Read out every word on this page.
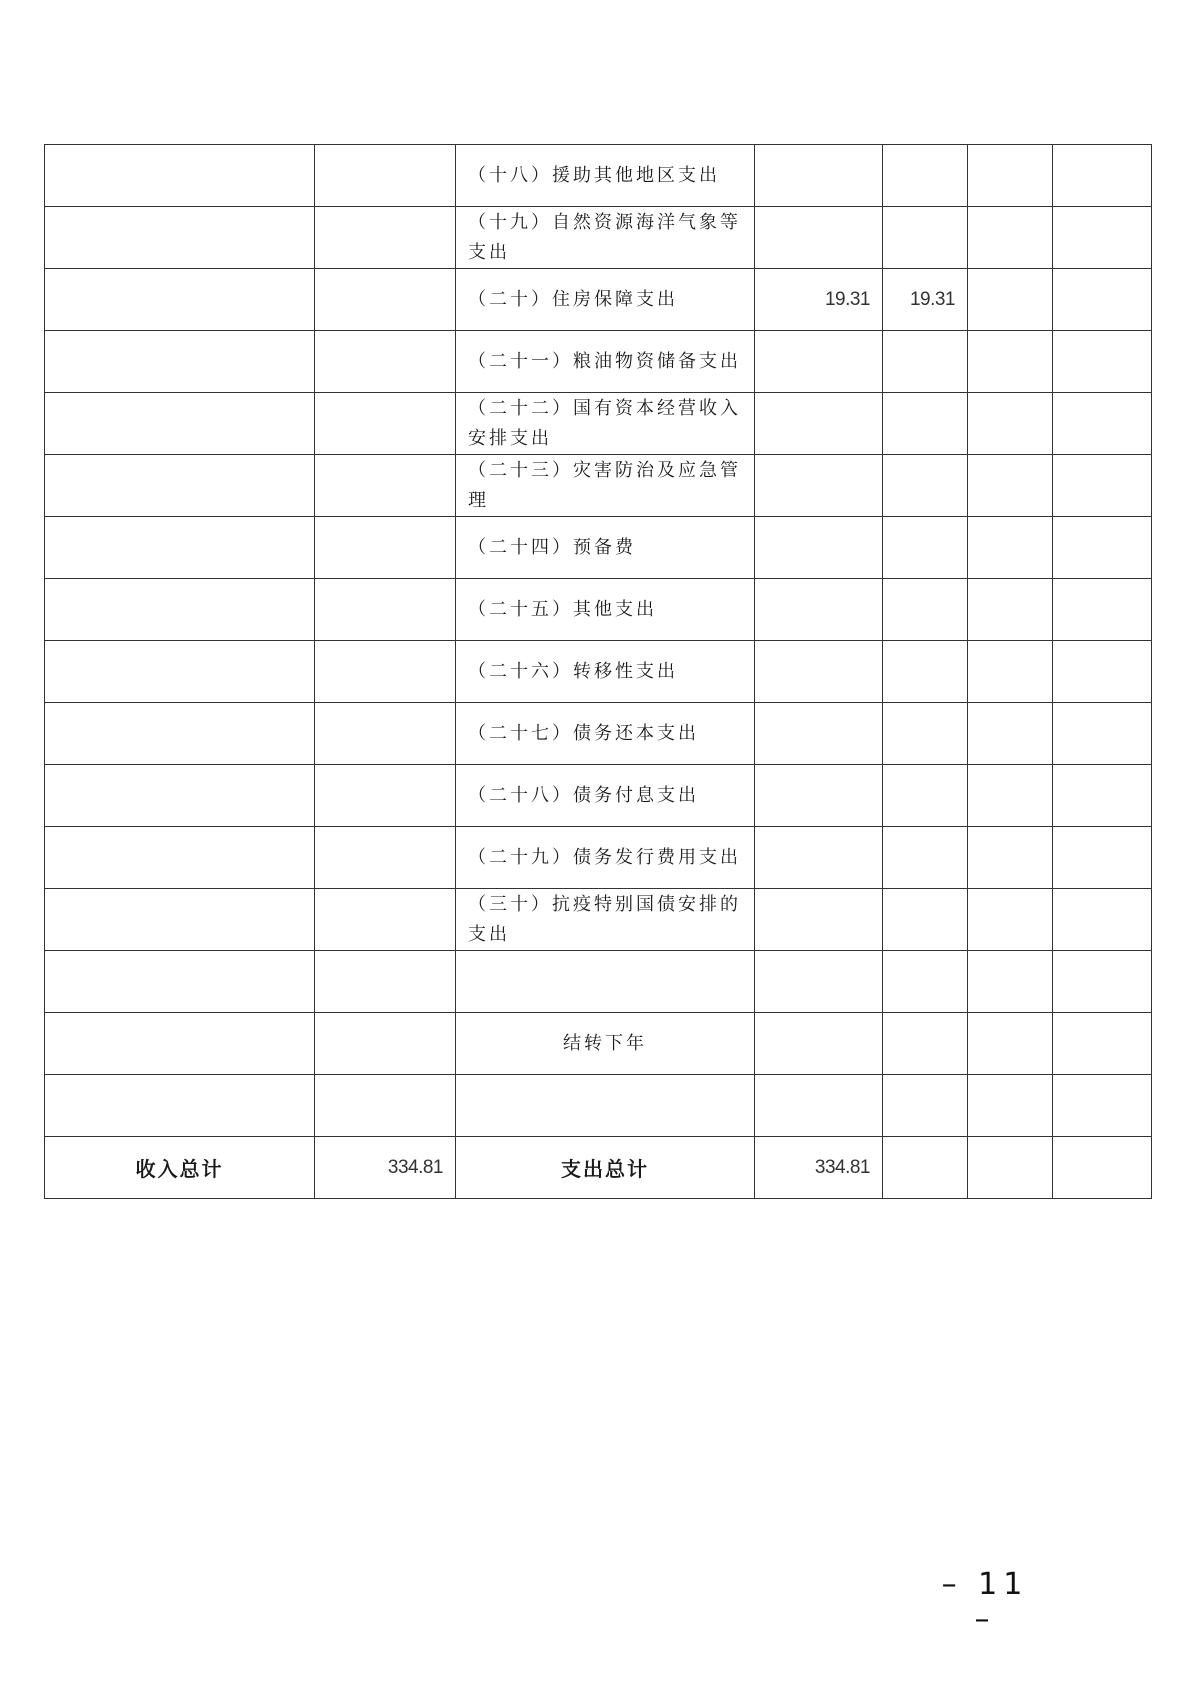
		（十八）援助其他地区支出				
		（十九）自然资源海洋气象等支出				
		（二十）住房保障支出	19.31	19.31		
		（二十一）粮油物资储备支出				
		（二十二）国有资本经营收入安排支出				
		（二十三）灾害防治及应急管理				
		（二十四）预备费				
		（二十五）其他支出				
		（二十六）转移性支出				
		（二十七）债务还本支出				
		（二十八）债务付息支出				
		（二十九）债务发行费用支出				
		（三十）抗疫特别国债安排的支出				

		结转下年				

收入总计	334.81	支出总计	334.81			
– 11 –
